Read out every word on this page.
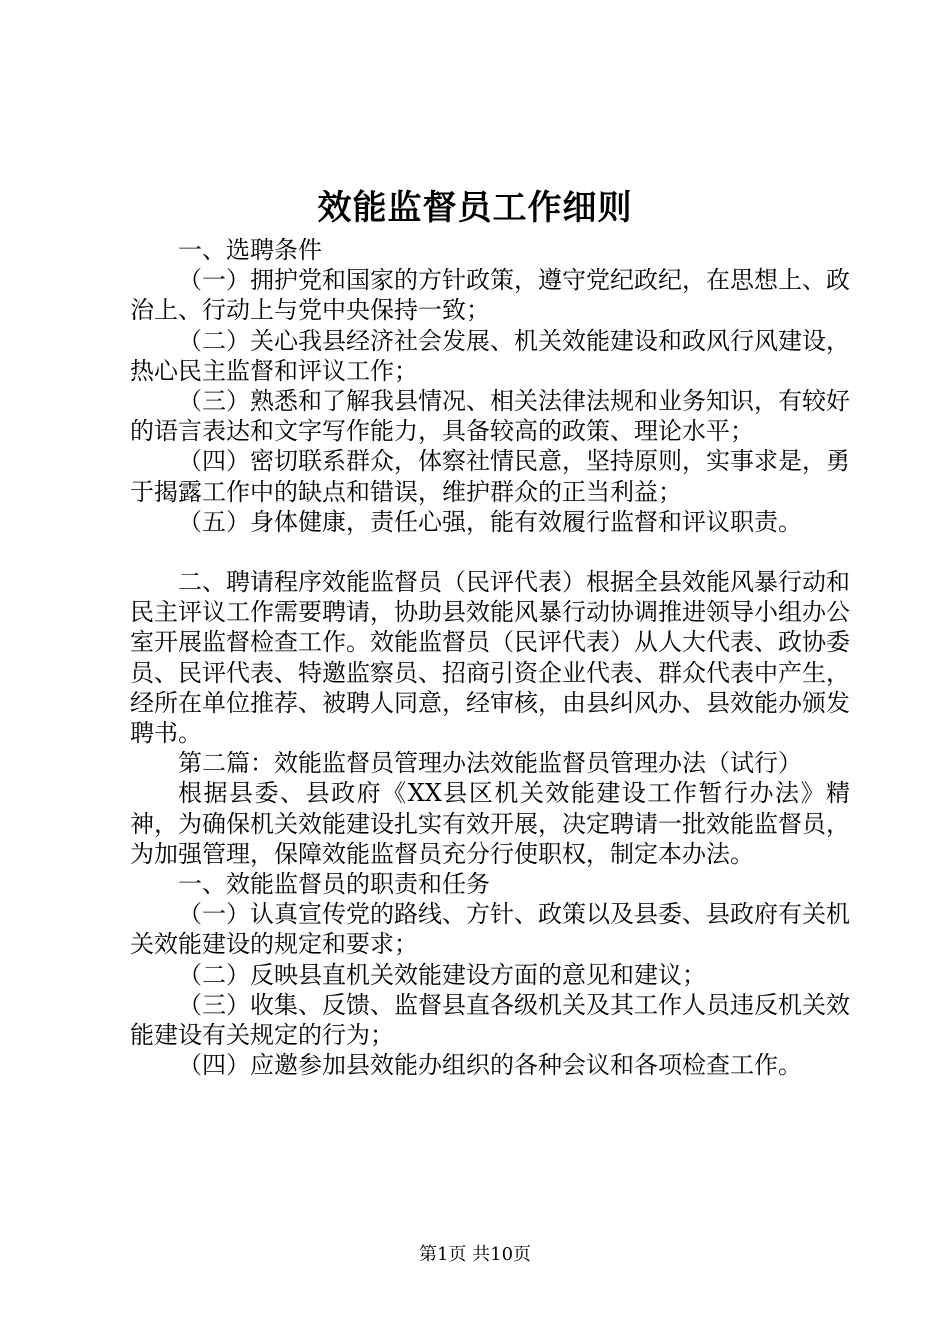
效能监督员工作细则

一、选聘条件

（一）拥护党和国家的方针政策，遵守党纪政纪，在思想上、政治上、行动上与党中央保持一致；

（二）关心我县经济社会发展、机关效能建设和政风行风建设，热心民主监督和评议工作；

（三）熟悉和了解我县情况、相关法律法规和业务知识，有较好的语言表达和文字写作能力，具备较高的政策、理论水平；

（四）密切联系群众，体察社情民意，坚持原则，实事求是，勇于揭露工作中的缺点和错误，维护群众的正当利益；

（五）身体健康，责任心强，能有效履行监督和评议职责。

二、聘请程序效能监督员（民评代表）根据全县效能风暴行动和民主评议工作需要聘请，协助县效能风暴行动协调推进领导小组办公室开展监督检查工作。效能监督员（民评代表）从人大代表、政协委员、民评代表、特邀监察员、招商引资企业代表、群众代表中产生，经所在单位推荐、被聘人同意，经审核，由县纠风办、县效能办颁发聘书。

第二篇：效能监督员管理办法效能监督员管理办法（试行）

根据县委、县政府《XX县区机关效能建设工作暂行办法》精神，为确保机关效能建设扎实有效开展，决定聘请一批效能监督员，为加强管理，保障效能监督员充分行使职权，制定本办法。

一、效能监督员的职责和任务

（一）认真宣传党的路线、方针、政策以及县委、县政府有关机关效能建设的规定和要求；

（二）反映县直机关效能建设方面的意见和建议；

（三）收集、反馈、监督县直各级机关及其工作人员违反机关效能建设有关规定的行为；

（四）应邀参加县效能办组织的各种会议和各项检查工作。

第1页 共10页
